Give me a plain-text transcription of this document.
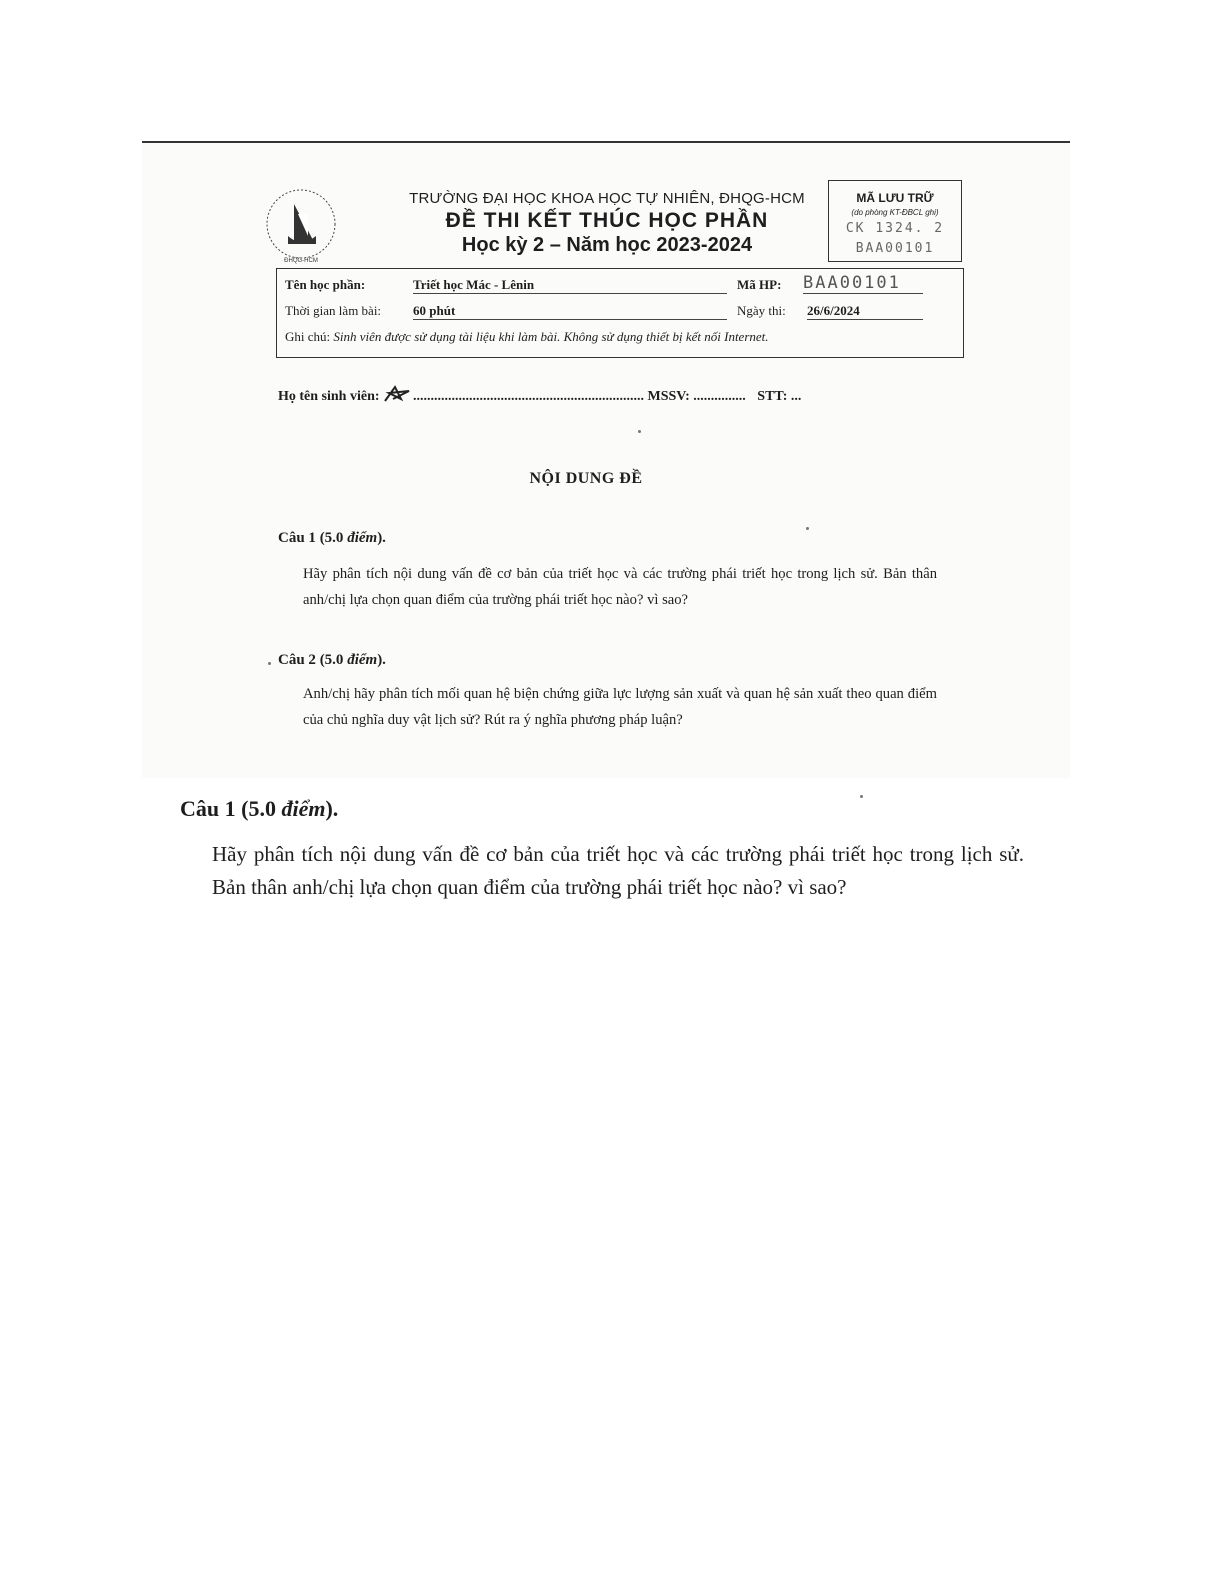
ĐHQG-HCM
TRƯỜNG ĐẠI HỌC KHOA HỌC TỰ NHIÊN, ĐHQG-HCM
ĐỀ THI KẾT THÚC HỌC PHẦN
Học kỳ 2 – Năm học 2023-2024
MÃ LƯU TRỮ
(do phòng KT-ĐBCL ghi)
CK 1324. 2
BAA00101
Tên học phần:	Triết học Mác - Lênin	Mã HP: BAA00101
Thời gian làm bài: 60 phút	Ngày thi: 26/6/2024
Ghi chú: Sinh viên được sử dụng tài liệu khi làm bài. Không sử dụng thiết bị kết nối Internet.
Họ tên sinh viên: .................................................................. MSSV: ............... STT: ...
NỘI DUNG ĐỀ
Câu 1 (5.0 điểm).
Hãy phân tích nội dung vấn đề cơ bản của triết học và các trường phái triết học trong lịch sử. Bản thân anh/chị lựa chọn quan điểm của trường phái triết học nào? vì sao?
Câu 2 (5.0 điểm).
Anh/chị hãy phân tích mối quan hệ biện chứng giữa lực lượng sản xuất và quan hệ sản xuất theo quan điểm của chủ nghĩa duy vật lịch sử? Rút ra ý nghĩa phương pháp luận?
Câu 1 (5.0 điểm).
Hãy phân tích nội dung vấn đề cơ bản của triết học và các trường phái triết học trong lịch sử. Bản thân anh/chị lựa chọn quan điểm của trường phái triết học nào? vì sao?
